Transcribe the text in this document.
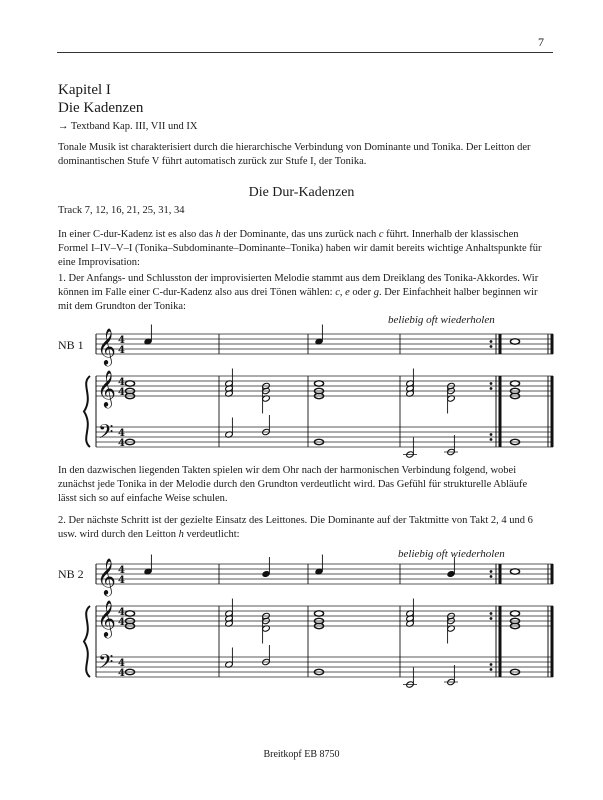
7
Kapitel I
Die Kadenzen
→ Textband Kap. III, VII und IX
Tonale Musik ist charakterisiert durch die hierarchische Verbindung von Dominante und Tonika. Der Leitton der dominantischen Stufe V führt automatisch zurück zur Stufe I, der Tonika.
Die Dur-Kadenzen
Track 7, 12, 16, 21, 25, 31, 34
In einer C-dur-Kadenz ist es also das h der Dominante, das uns zurück nach c führt. Innerhalb der klassischen Formel I–IV–V–I (Tonika–Subdominante–Dominante–Tonika) haben wir damit bereits wichtige Anhaltspunkte für eine Improvisation:
1. Der Anfangs- und Schlusston der improvisierten Melodie stammt aus dem Dreiklang des Tonika-Akkordes. Wir können im Falle einer C-dur-Kadenz also aus drei Tönen wählen: c, e oder g. Der Einfachheit halber beginnen wir mit dem Grundton der Tonika:
beliebig oft wiederholen
NB 1 𝄞
𝄞
𝄢
4
4
4
4
4
4
In den dazwischen liegenden Takten spielen wir dem Ohr nach der harmonischen Verbindung folgend, wobei zunächst jede Tonika in der Melodie durch den Grundton verdeutlicht wird. Das Gefühl für strukturelle Abläufe lässt sich so auf einfache Weise schulen.
2. Der nächste Schritt ist der gezielte Einsatz des Leittones. Die Dominante auf der Taktmitte von Takt 2, 4 und 6 usw. wird durch den Leitton h verdeutlicht:
beliebig oft wiederholen
NB 2 𝄞
𝄞
𝄢
4
4
4
4
4
4
Breitkopf EB 8750
